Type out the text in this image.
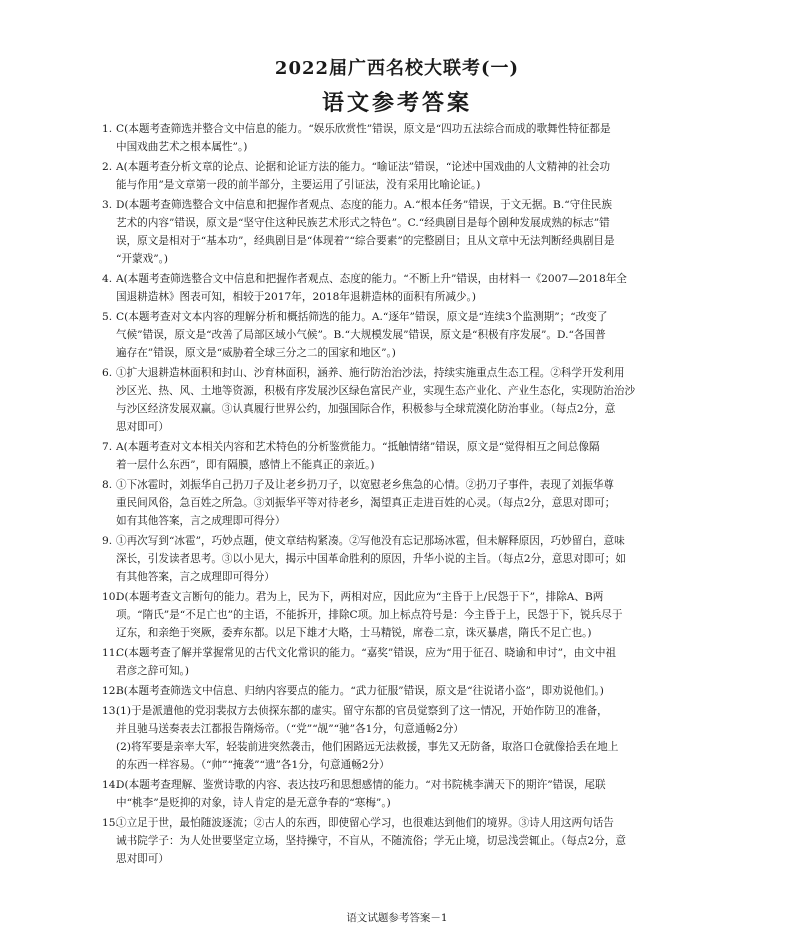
2022届广西名校大联考(一)
语文参考答案
1. C(本题考查筛选并整合文中信息的能力。“娱乐欣赏性”错误，原文是“四功五法综合而成的歌舞性特征都是
中国戏曲艺术之根本属性”。)
2. A(本题考查分析文章的论点、论据和论证方法的能力。“喻证法”错误，“论述中国戏曲的人文精神的社会功
能与作用”是文章第一段的前半部分，主要运用了引证法，没有采用比喻论证。)
3. D(本题考查筛选整合文中信息和把握作者观点、态度的能力。A.“根本任务”错误，于文无据。B.“守住民族
艺术的内容”错误，原文是“坚守住这种民族艺术形式之特色”。C.“经典剧目是每个剧种发展成熟的标志”错
误，原文是相对于“基本功”，经典剧目是“体现着”“综合要素”的完整剧目；且从文章中无法判断经典剧目是
“开蒙戏”。)
4. A(本题考查筛选整合文中信息和把握作者观点、态度的能力。“不断上升”错误，由材料一《2007—2018年全
国退耕造林》图表可知，相较于2017年，2018年退耕造林的面积有所减少。)
5. C(本题考查对文本内容的理解分析和概括筛选的能力。A.“逐年”错误，原文是“连续3个监测期”；“改变了
气候”错误，原文是“改善了局部区域小气候”。B.“大规模发展”错误，原文是“积极有序发展”。D.“各国普
遍存在”错误，原文是“威胁着全球三分之二的国家和地区”。)
6. ①扩大退耕造林面积和封山、沙育林面积，涵养、施行防治治沙法，持续实施重点生态工程。②科学开发利用
沙区光、热、风、土地等资源，积极有序发展沙区绿色富民产业，实现生态产业化、产业生态化，实现防治治沙
与沙区经济发展双赢。③认真履行世界公约，加强国际合作，积极参与全球荒漠化防治事业。（每点2分，意
思对即可）
7. A(本题考查对文本相关内容和艺术特色的分析鉴赏能力。“抵触情绪”错误，原文是“觉得相互之间总像隔
着一层什么东西”，即有隔膜，感情上不能真正的亲近。)
8. ①下冰雹时，刘振华自己扔刀子及让老乡扔刀子，以宽慰老乡焦急的心情。②扔刀子事件，表现了刘振华尊
重民间风俗，急百姓之所急。③刘振华平等对待老乡，渴望真正走进百姓的心灵。（每点2分，意思对即可；
如有其他答案，言之成理即可得分）
9. ①再次写到“冰雹”，巧妙点题，使文章结构紧凑。②写他没有忘记那场冰雹，但未解释原因，巧妙留白，意味
深长，引发读者思考。③以小见大，揭示中国革命胜利的原因，升华小说的主旨。（每点2分，意思对即可；如
有其他答案，言之成理即可得分）
10.
D(本题考查文言断句的能力。君为上，民为下，两相对应，因此应为“主昏于上/民怨于下”，排除A、B两
项。“隋氏”是“不足亡也”的主语，不能拆开，排除C项。加上标点符号是：今主昏于上，民怨于下，锐兵尽于
辽东，和亲绝于突厥，委弃东都。以足下雄才大略，士马精锐，席卷二京，诛灭暴虐，隋氏不足亡也。)
11.
C(本题考查了解并掌握常见的古代文化常识的能力。“嘉奖”错误，应为“用于征召、晓谕和申讨”，由文中祖
君彦之辞可知。)
12.
B(本题考查筛选文中信息、归纳内容要点的能力。“武力征服”错误，原文是“往说诸小盗”，即劝说他们。)
13.
(1)于是派遣他的党羽裴叔方去侦探东都的虚实。留守东都的官员觉察到了这一情况，开始作防卫的准备，
并且驰马送奏表去江都报告隋炀帝。（“党”“觇”“驰”各1分，句意通畅2分）
(2)将军要是亲率大军，轻装前进突然袭击，他们困路远无法救援，事先又无防备，取洛口仓就像拾丢在地上
的东西一样容易。（“帅”“掩袭”“遗”各1分，句意通畅2分）
14.
D(本题考查理解、鉴赏诗歌的内容、表达技巧和思想感情的能力。“对书院桃李满天下的期许”错误，尾联
中“桃李”是贬抑的对象，诗人肯定的是无意争春的“寒梅”。)
15.
①立足于世，最怕随波逐流；②古人的东西，即使留心学习，也很难达到他们的境界。③诗人用这两句话告
诫书院学子：为人处世要坚定立场，坚持操守，不盲从，不随流俗；学无止境，切忌浅尝辄止。（每点2分，意
思对即可）
语文试题参考答案－1
